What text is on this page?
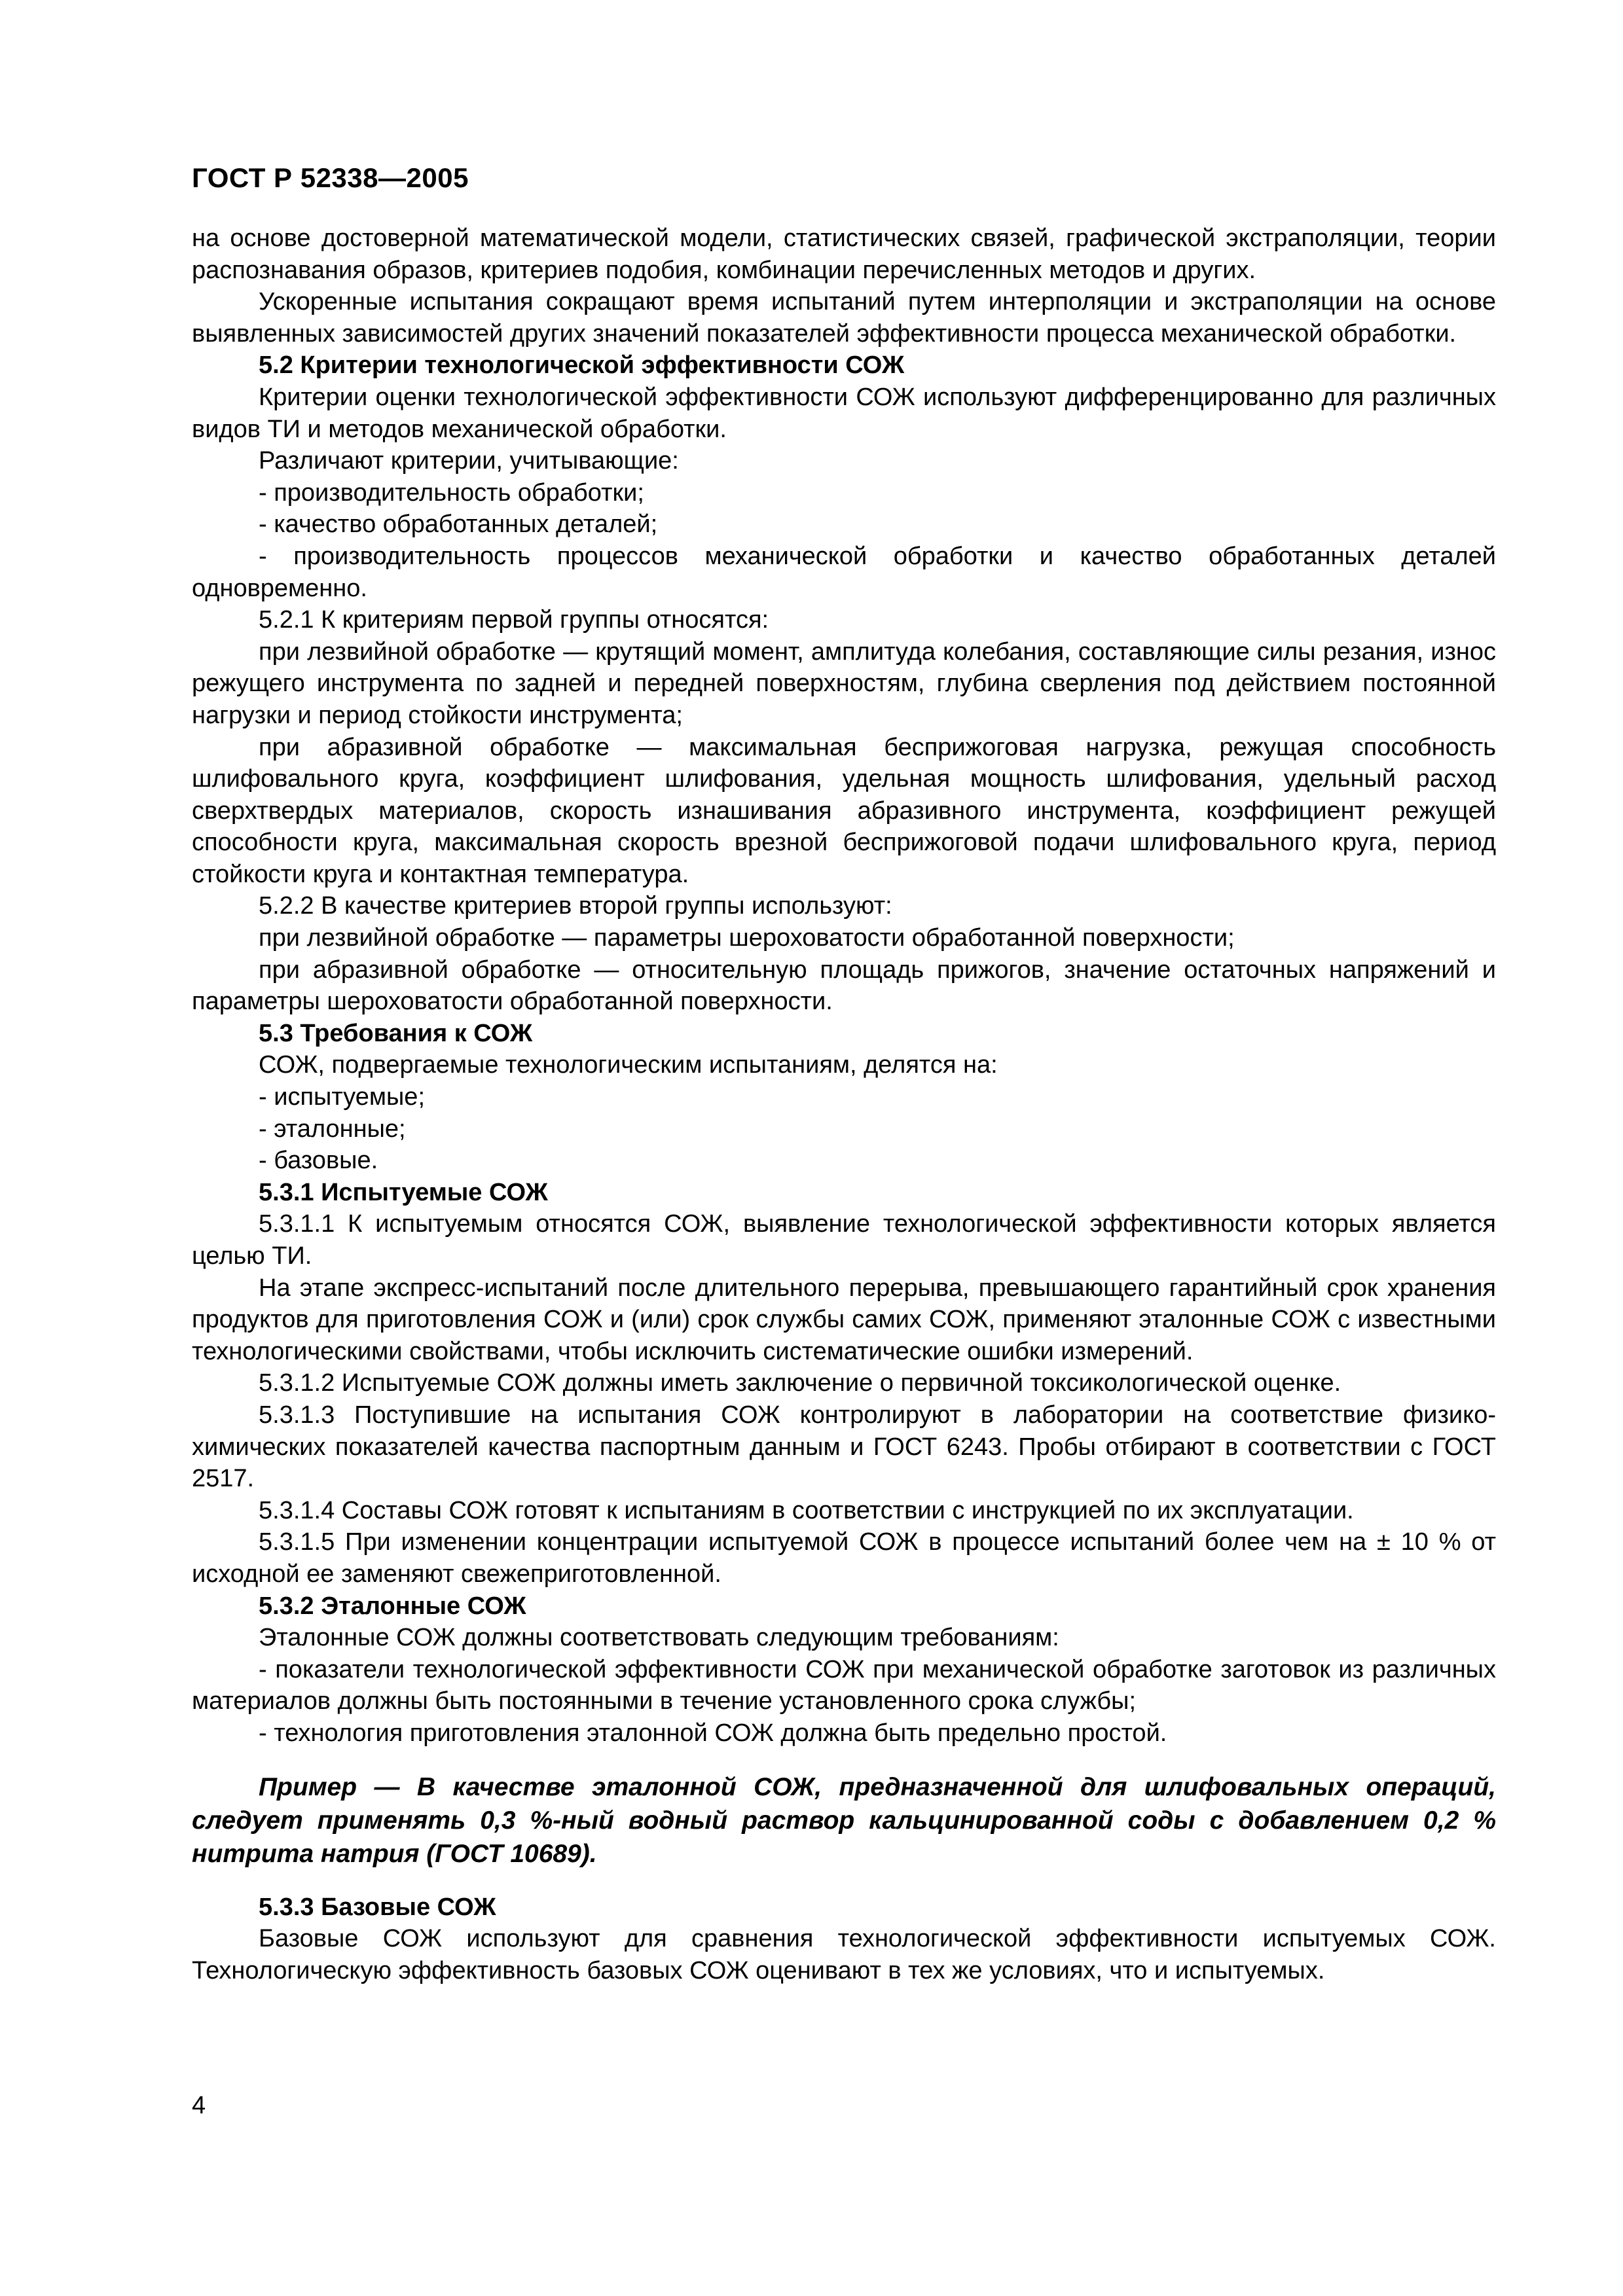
ГОСТ Р 52338—2005

на основе достоверной математической модели, статистических связей, графической экстраполяции, теории распознавания образов, критериев подобия, комбинации перечисленных методов и других.

Ускоренные испытания сокращают время испытаний путем интерполяции и экстраполяции на основе выявленных зависимостей других значений показателей эффективности процесса механической обработки.

5.2 Критерии технологической эффективности СОЖ

Критерии оценки технологической эффективности СОЖ используют дифференцированно для различных видов ТИ и методов механической обработки.

Различают критерии, учитывающие:

- производительность обработки;

- качество обработанных деталей;

- производительность процессов механической обработки и качество обработанных деталей одновременно.

5.2.1 К критериям первой группы относятся:

при лезвийной обработке — крутящий момент, амплитуда колебания, составляющие силы резания, износ режущего инструмента по задней и передней поверхностям, глубина сверления под действием постоянной нагрузки и период стойкости инструмента;

при абразивной обработке — максимальная бесприжоговая нагрузка, режущая способность шлифовального круга, коэффициент шлифования, удельная мощность шлифования, удельный расход сверхтвердых материалов, скорость изнашивания абразивного инструмента, коэффициент режущей способности круга, максимальная скорость врезной бесприжоговой подачи шлифовального круга, период стойкости круга и контактная температура.

5.2.2 В качестве критериев второй группы используют:

при лезвийной обработке — параметры шероховатости обработанной поверхности;

при абразивной обработке — относительную площадь прижогов, значение остаточных напряжений и параметры шероховатости обработанной поверхности.

5.3 Требования к СОЖ

СОЖ, подвергаемые технологическим испытаниям, делятся на:

- испытуемые;

- эталонные;

- базовые.

5.3.1 Испытуемые СОЖ

5.3.1.1 К испытуемым относятся СОЖ, выявление технологической эффективности которых является целью ТИ.

На этапе экспресс-испытаний после длительного перерыва, превышающего гарантийный срок хранения продуктов для приготовления СОЖ и (или) срок службы самих СОЖ, применяют эталонные СОЖ с известными технологическими свойствами, чтобы исключить систематические ошибки измерений.

5.3.1.2 Испытуемые СОЖ должны иметь заключение о первичной токсикологической оценке.

5.3.1.3 Поступившие на испытания СОЖ контролируют в лаборатории на соответствие физико-химических показателей качества паспортным данным и ГОСТ 6243. Пробы отбирают в соответствии с ГОСТ 2517.

5.3.1.4 Составы СОЖ готовят к испытаниям в соответствии с инструкцией по их эксплуатации.

5.3.1.5 При изменении концентрации испытуемой СОЖ в процессе испытаний более чем на ± 10 % от исходной ее заменяют свежеприготовленной.

5.3.2 Эталонные СОЖ

Эталонные СОЖ должны соответствовать следующим требованиям:

- показатели технологической эффективности СОЖ при механической обработке заготовок из различных материалов должны быть постоянными в течение установленного срока службы;

- технология приготовления эталонной СОЖ должна быть предельно простой.

Пример — В качестве эталонной СОЖ, предназначенной для шлифовальных операций, следует применять 0,3 %-ный водный раствор кальцинированной соды с добавлением 0,2 % нитрита натрия (ГОСТ 10689).

5.3.3 Базовые СОЖ

Базовые СОЖ используют для сравнения технологической эффективности испытуемых СОЖ. Технологическую эффективность базовых СОЖ оценивают в тех же условиях, что и испытуемых.

4
